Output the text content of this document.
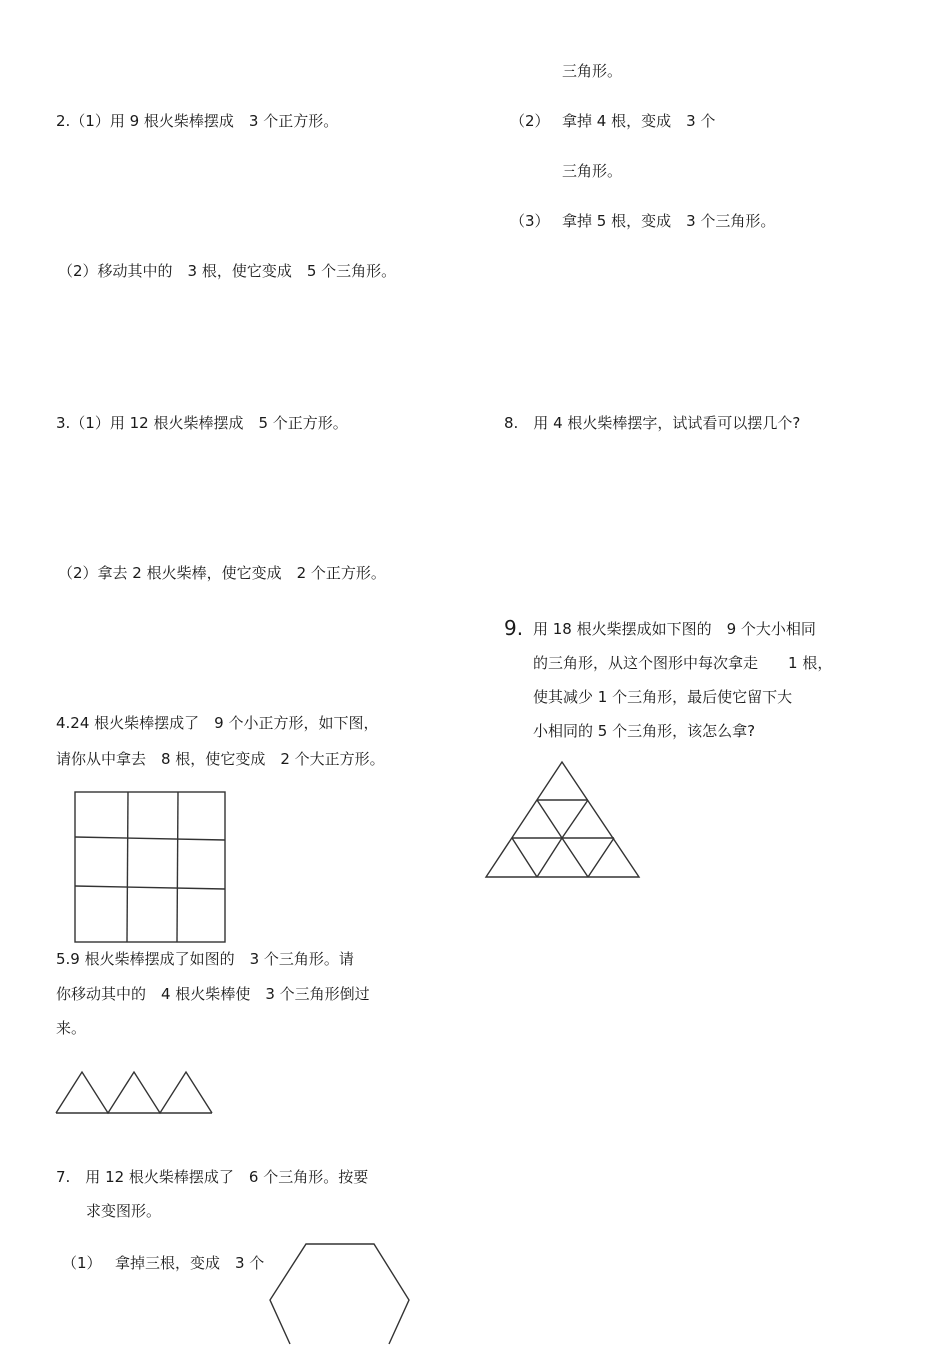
三角形。
（2） 拿掉 4 根，变成　3 个
三角形。
（3） 拿掉 5 根，变成　3 个三角形。
2.（1）用 9 根火柴棒摆成　3 个正方形。
（2）移动其中的　3 根，使它变成　5 个三角形。
3.（1）用 12 根火柴棒摆成　5 个正方形。
（2）拿去 2 根火柴棒，使它变成　2 个正方形。
8.　用 4 根火柴棒摆字，试试看可以摆几个?
9. 用 18 根火柴摆成如下图的　9 个大小相同
的三角形，从这个图形中每次拿走　　1 根，
使其减少 1 个三角形，最后使它留下大
小相同的 5 个三角形，该怎么拿?
4.24 根火柴棒摆成了　9 个小正方形，如下图，
请你从中拿去　8 根，使它变成　2 个大正方形。
5.9 根火柴棒摆成了如图的　3 个三角形。请
你移动其中的　4 根火柴棒使　3 个三角形倒过
来。
7.　用 12 根火柴棒摆成了　6 个三角形。按要
求变图形。
（1） 拿掉三根，变成　3 个
